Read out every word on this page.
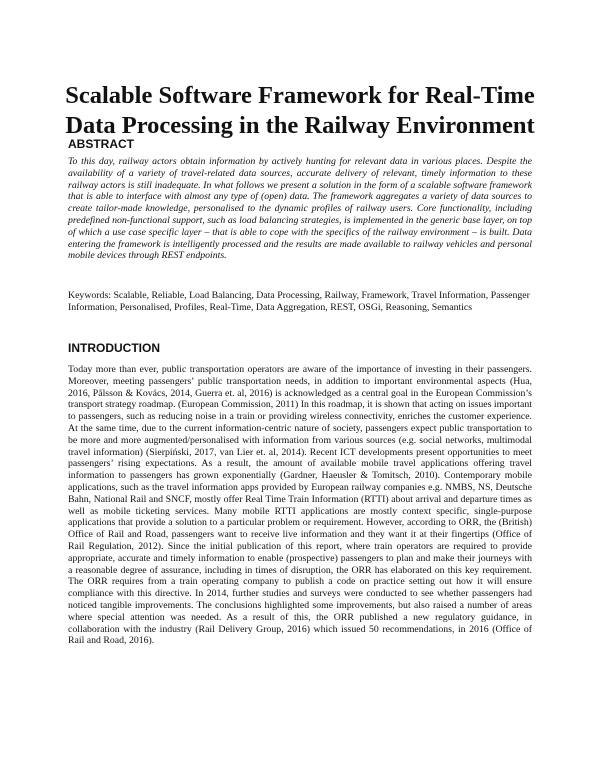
Scalable Software Framework for Real-Time Data Processing in the Railway Environment
ABSTRACT

To this day, railway actors obtain information by actively hunting for relevant data in various places. Despite the availability of a variety of travel-related data sources, accurate delivery of relevant, timely information to these railway actors is still inadequate. In what follows we present a solution in the form of a scalable software framework that is able to interface with almost any type of (open) data. The framework aggregates a variety of data sources to create tailor-made knowledge, personalised to the dynamic profiles of railway users. Core functionality, including predefined non-functional support, such as load balancing strategies, is implemented in the generic base layer, on top of which a use case specific layer – that is able to cope with the specifics of the railway environment – is built. Data entering the framework is intelligently processed and the results are made available to railway vehicles and personal mobile devices through REST endpoints.

Keywords: Scalable, Reliable, Load Balancing, Data Processing, Railway, Framework, Travel Information, Passenger Information, Personalised, Profiles, Real-Time, Data Aggregation, REST, OSGi, Reasoning, Semantics

INTRODUCTION

Today more than ever, public transportation operators are aware of the importance of investing in their passengers. Moreover, meeting passengers’ public transportation needs, in addition to important environmental aspects (Hua, 2016, Pålsson & Kovács, 2014, Guerra et. al, 2016) is acknowledged as a central goal in the European Commission’s transport strategy roadmap. (European Commission, 2011) In this roadmap, it is shown that acting on issues important to passengers, such as reducing noise in a train or providing wireless connectivity, enriches the customer experience. At the same time, due to the current information-centric nature of society, passengers expect public transportation to be more and more augmented/personalised with information from various sources (e.g. social networks, multimodal travel information) (Sierpiński, 2017, van Lier et. al, 2014). Recent ICT developments present opportunities to meet passengers’ rising expectations. As a result, the amount of available mobile travel applications offering travel information to passengers has grown exponentially (Gardner, Haeusler & Tomitsch, 2010). Contemporary mobile applications, such as the travel information apps provided by European railway companies e.g. NMBS, NS, Deutsche Bahn, National Rail and SNCF, mostly offer Real Time Train Information (RTTI) about arrival and departure times as well as mobile ticketing services. Many mobile RTTI applications are mostly context specific, single-purpose applications that provide a solution to a particular problem or requirement. However, according to ORR, the (British) Office of Rail and Road, passengers want to receive live information and they want it at their fingertips (Office of Rail Regulation, 2012). Since the initial publication of this report, where train operators are required to provide appropriate, accurate and timely information to enable (prospective) passengers to plan and make their journeys with a reasonable degree of assurance, including in times of disruption, the ORR has elaborated on this key requirement. The ORR requires from a train operating company to publish a code on practice setting out how it will ensure compliance with this directive. In 2014, further studies and surveys were conducted to see whether passengers had noticed tangible improvements. The conclusions highlighted some improvements, but also raised a number of areas where special attention was needed. As a result of this, the ORR published a new regulatory guidance, in collaboration with the industry (Rail Delivery Group, 2016) which issued 50 recommendations, in 2016 (Office of Rail and Road, 2016).
